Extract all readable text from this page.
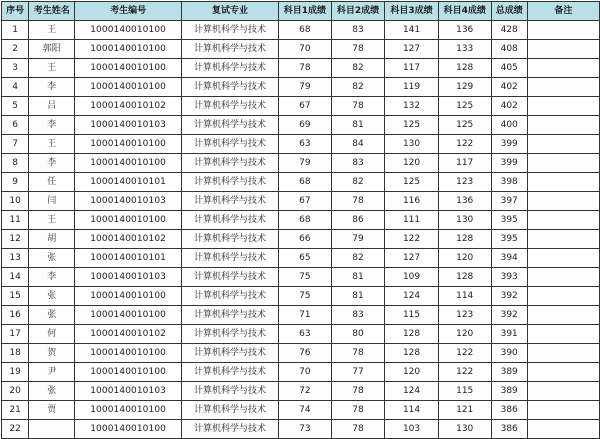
序号	考生姓名	考生编号	复试专业	科目1成绩	科目2成绩	科目3成绩	科目4成绩	总成绩	备注
1	王	1000140010100	计算机科学与技术	68	83	141	136	428	
2	郭阳	1000140010100	计算机科学与技术	70	78	127	133	408	
3	王	1000140010100	计算机科学与技术	78	82	117	128	405	
4	李	1000140010100	计算机科学与技术	79	82	119	129	402	
5	吕	1000140010102	计算机科学与技术	67	78	132	125	402	
6	李	1000140010103	计算机科学与技术	69	81	125	125	400	
7	王	1000140010100	计算机科学与技术	63	84	130	122	399	
8	李	1000140010100	计算机科学与技术	79	83	120	117	399	
9	任	1000140010101	计算机科学与技术	68	82	125	123	398	
10	闫	1000140010103	计算机科学与技术	67	78	116	136	397	
11	王	1000140010100	计算机科学与技术	68	86	111	130	395	
12	胡	1000140010102	计算机科学与技术	66	79	122	128	395	
13	张	1000140010101	计算机科学与技术	65	82	127	120	394	
14	李	1000140010103	计算机科学与技术	75	81	109	128	393	
15	张	1000140010100	计算机科学与技术	75	81	124	114	392	
16	张	1000140010100	计算机科学与技术	71	83	115	123	392	
17	何	1000140010102	计算机科学与技术	63	80	128	120	391	
18	贺	1000140010100	计算机科学与技术	76	78	128	122	390	
19	尹	1000140010100	计算机科学与技术	70	77	120	122	389	
20	张	1000140010103	计算机科学与技术	72	78	124	115	389	
21	贾	1000140010100	计算机科学与技术	74	78	114	121	386	
22		1000140010100	计算机科学与技术	73	78	103	130	386	
